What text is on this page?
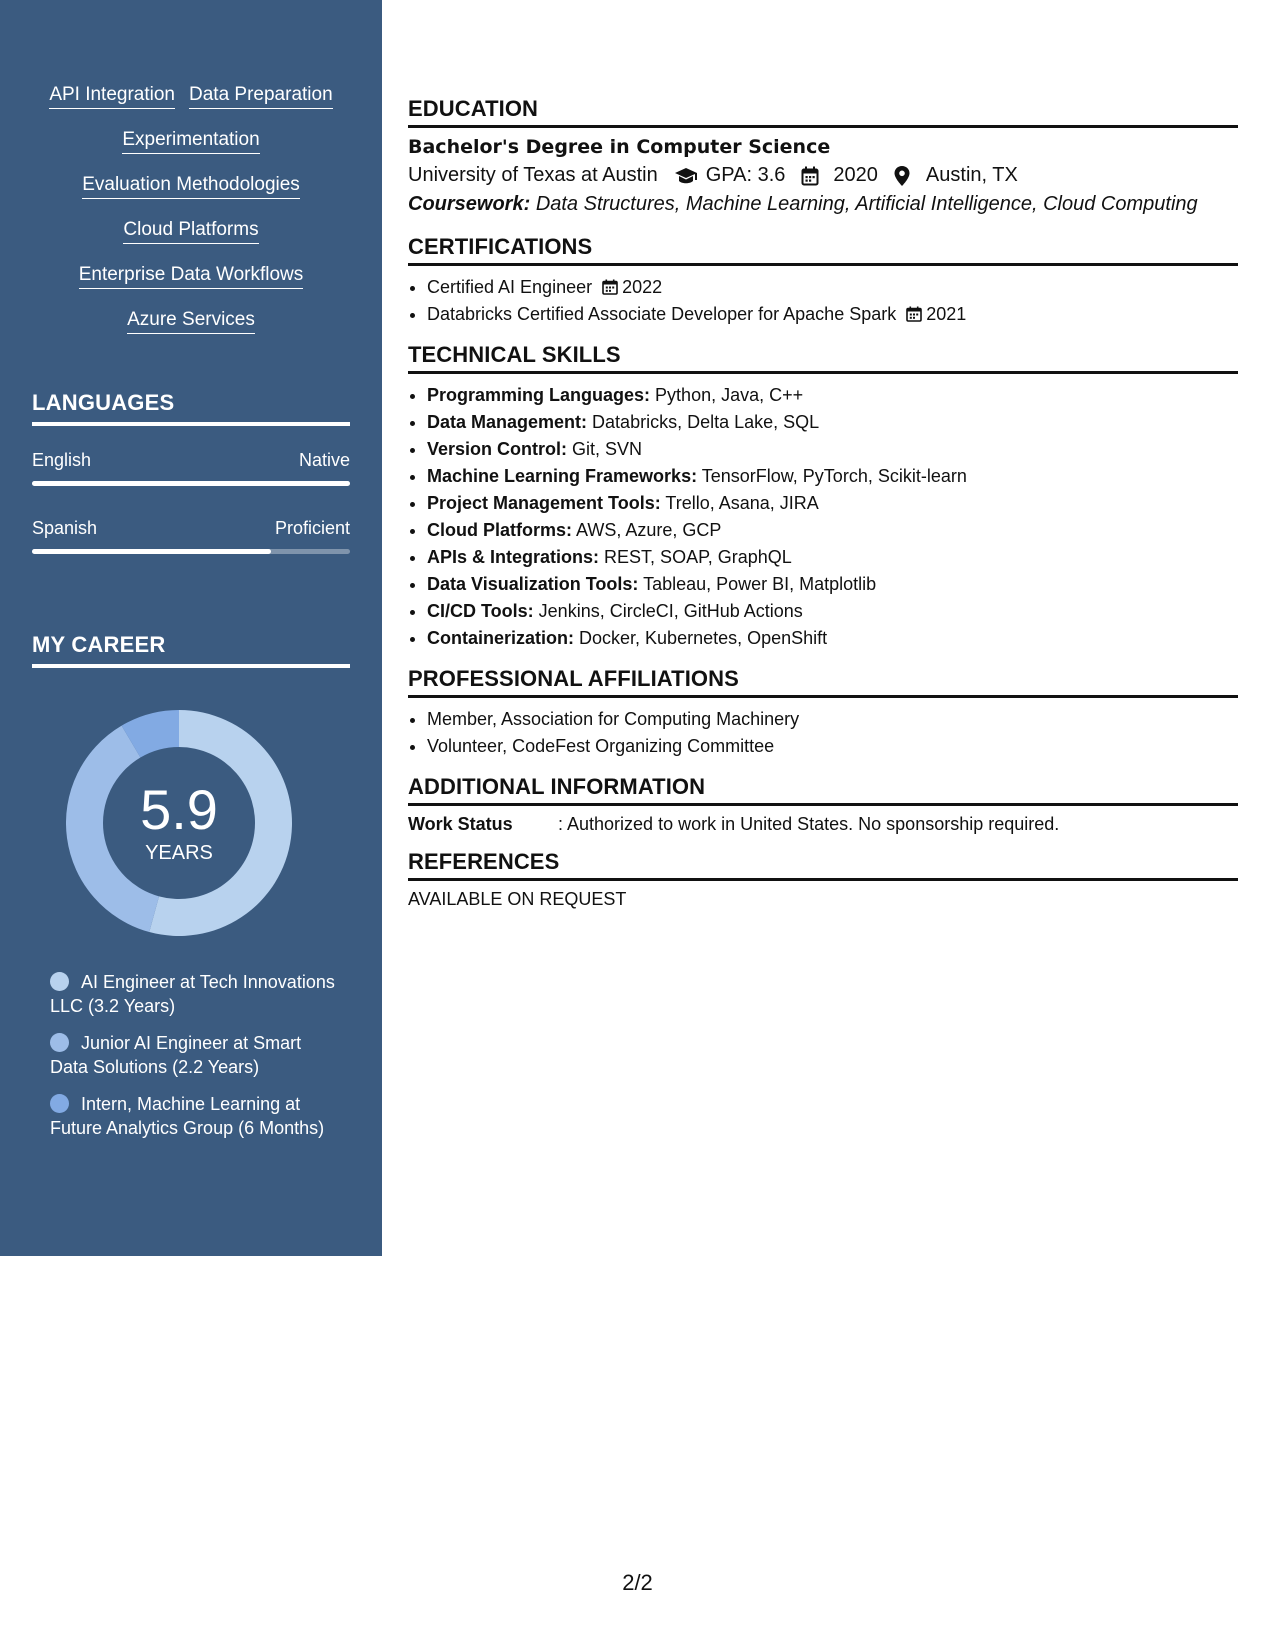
API Integration Data Preparation
Experimentation
Evaluation Methodologies
Cloud Platforms
Enterprise Data Workflows
Azure Services
LANGUAGES
English	Native
Spanish	Proficient
MY CAREER
5.9
YEARS
AI Engineer at Tech Innovations LLC (3.2 Years)
Junior AI Engineer at Smart Data Solutions (2.2 Years)
Intern, Machine Learning at Future Analytics Group (6 Months)
EDUCATION
Bachelor's Degree in Computer Science
University of Texas at Austin GPA: 3.6 2020 Austin, TX
Coursework: Data Structures, Machine Learning, Artificial Intelligence, Cloud Computing
CERTIFICATIONS
• Certified AI Engineer 2022
• Databricks Certified Associate Developer for Apache Spark 2021
TECHNICAL SKILLS
• Programming Languages: Python, Java, C++
• Data Management: Databricks, Delta Lake, SQL
• Version Control: Git, SVN
• Machine Learning Frameworks: TensorFlow, PyTorch, Scikit-learn
• Project Management Tools: Trello, Asana, JIRA
• Cloud Platforms: AWS, Azure, GCP
• APIs & Integrations: REST, SOAP, GraphQL
• Data Visualization Tools: Tableau, Power BI, Matplotlib
• CI/CD Tools: Jenkins, CircleCI, GitHub Actions
• Containerization: Docker, Kubernetes, OpenShift
PROFESSIONAL AFFILIATIONS
• Member, Association for Computing Machinery
• Volunteer, CodeFest Organizing Committee
ADDITIONAL INFORMATION
Work Status	: Authorized to work in United States. No sponsorship required.
REFERENCES
AVAILABLE ON REQUEST
2/2
